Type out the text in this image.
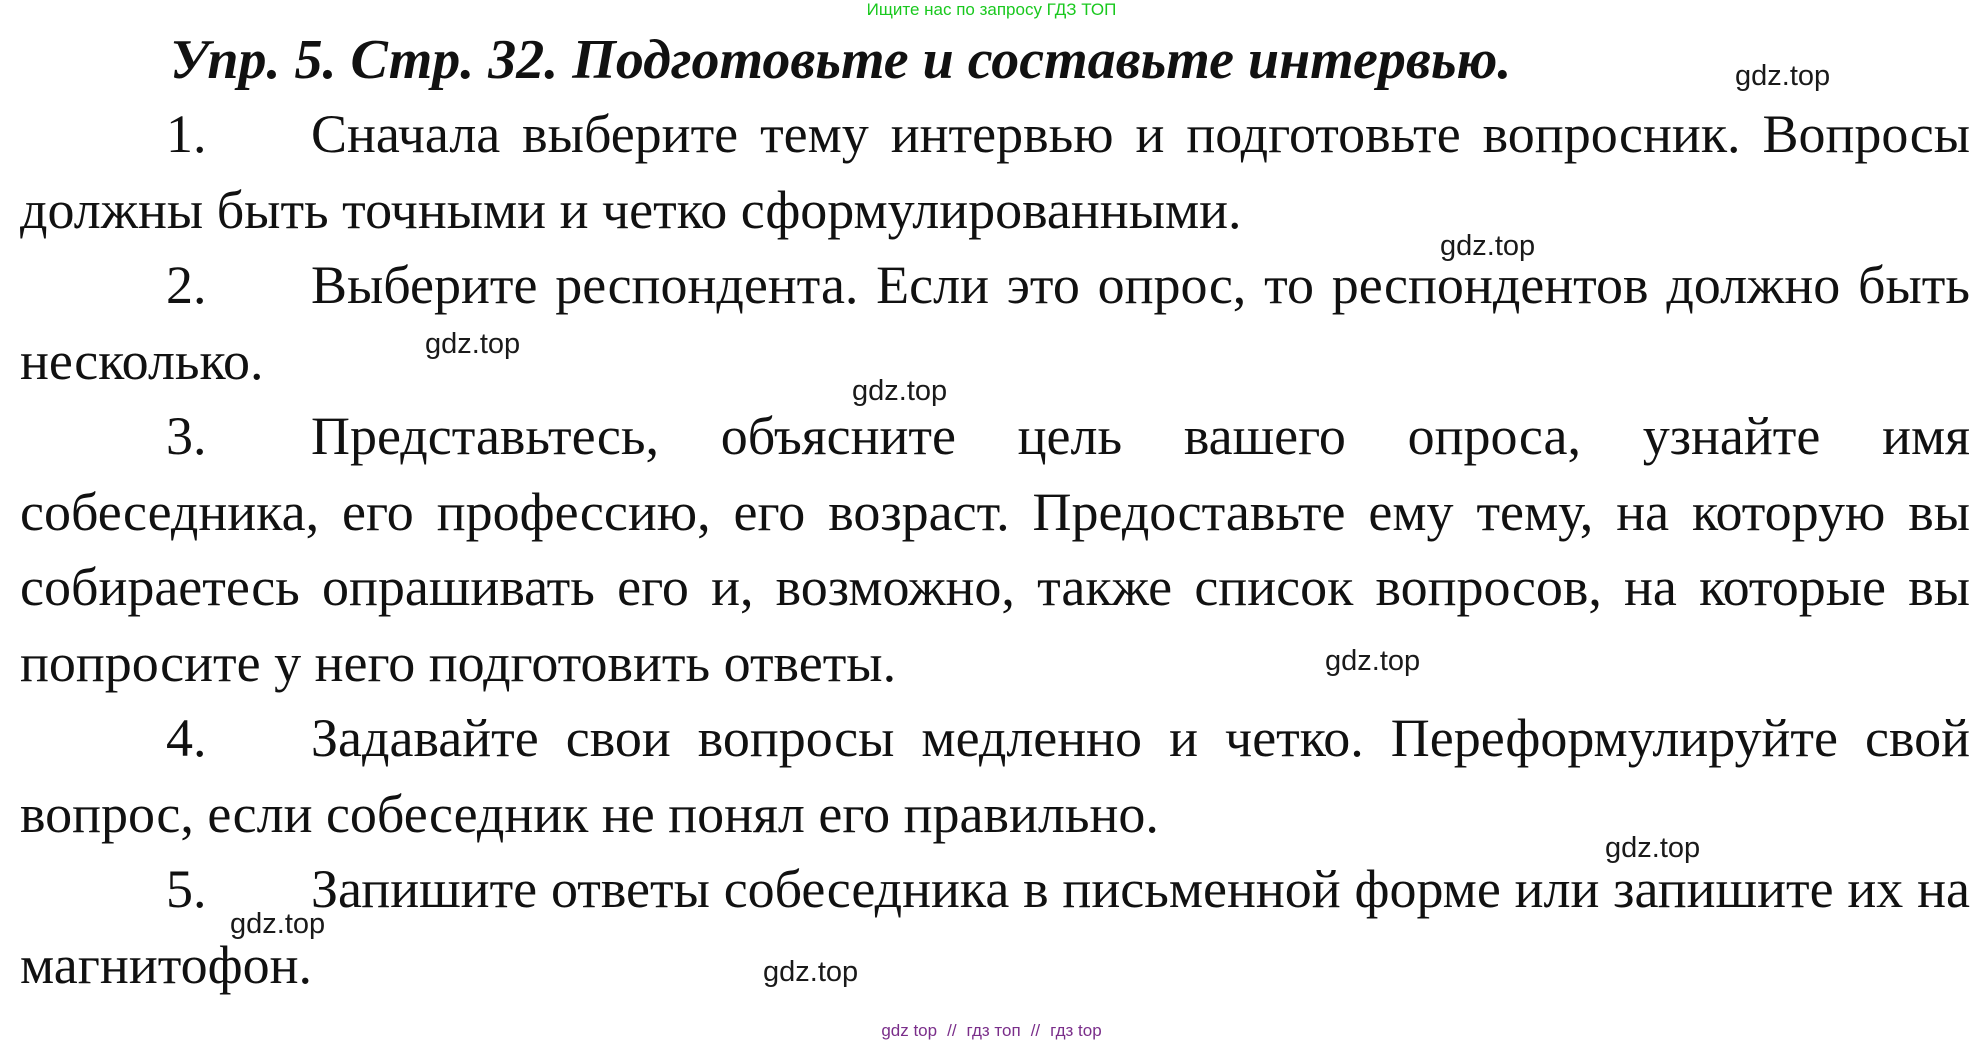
Ищите нас по запросу ГДЗ ТОП
Упр. 5. Стр. 32. Подготовьте и составьте интервью.

1. Сначала выберите тему интервью и подготовьте вопросник. Вопросы должны быть точными и четко сформулированными.

2. Выберите респондента. Если это опрос, то респондентов должно быть несколько.

3. Представьтесь, объясните цель вашего опроса, узнайте имя собеседника, его профессию, его возраст. Предоставьте ему тему, на которую вы собираетесь опрашивать его и, возможно, также список вопросов, на которые вы попросите у него подготовить ответы.

4. Задавайте свои вопросы медленно и четко. Переформулируйте свой вопрос, если собеседник не понял его правильно.

5. Запишите ответы собеседника в письменной форме или запишите их на магнитофон.

gdz.top
gdz.top
gdz.top
gdz.top
gdz.top
gdz.top
gdz.top
gdz.top
gdz top // гдз топ // гдз top
